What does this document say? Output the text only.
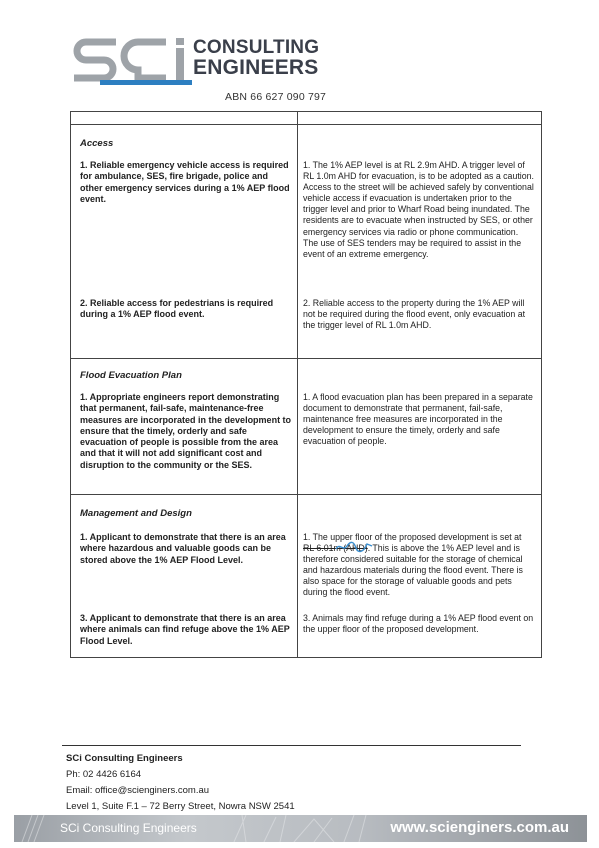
CONSULTING
ENGINEERS
ABN 66 627 090 797
Access
1. Reliable emergency vehicle access is required for ambulance, SES, fire brigade, police and other emergency services during a 1% AEP flood event.
1. The 1% AEP level is at RL 2.9m AHD. A trigger level of RL 1.0m AHD for evacuation, is to be adopted as a caution. Access to the street will be achieved safely by conventional vehicle access if evacuation is undertaken prior to the trigger level and prior to Wharf Road being inundated. The residents are to evacuate when instructed by SES, or other emergency services via radio or phone communication. The use of SES tenders may be required to assist in the event of an extreme emergency.
2. Reliable access for pedestrians is required during a 1% AEP flood event.
2. Reliable access to the property during the 1% AEP will not be required during the flood event, only evacuation at the trigger level of RL 1.0m AHD.
Flood Evacuation Plan
1. Appropriate engineers report demonstrating that permanent, fail-safe, maintenance-free measures are incorporated in the development to ensure that the timely, orderly and safe evacuation of people is possible from the area and that it will not add significant cost and disruption to the community or the SES.
1. A flood evacuation plan has been prepared in a separate document to demonstrate that permanent, fail-safe, maintenance free measures are incorporated in the development to ensure the timely, orderly and safe evacuation of people.
Management and Design
1. Applicant to demonstrate that there is an area where hazardous and valuable goods can be stored above the 1% AEP Flood Level.
1. The upper floor of the proposed development is set at RL 6.01m (AHD). This is above the 1% AEP level and is therefore considered suitable for the storage of chemical and hazardous materials during the flood event. There is also space for the storage of valuable goods and pets during the flood event.
3. Applicant to demonstrate that there is an area where animals can find refuge above the 1% AEP Flood Level.
3. Animals may find refuge during a 1% AEP flood event on the upper floor of the proposed development.
SCi Consulting Engineers
Ph: 02 4426 6164
Email: office@scienginers.com.au
Level 1, Suite F.1 – 72 Berry Street, Nowra NSW 2541
SCi Consulting Engineers	www.scienginers.com.au
